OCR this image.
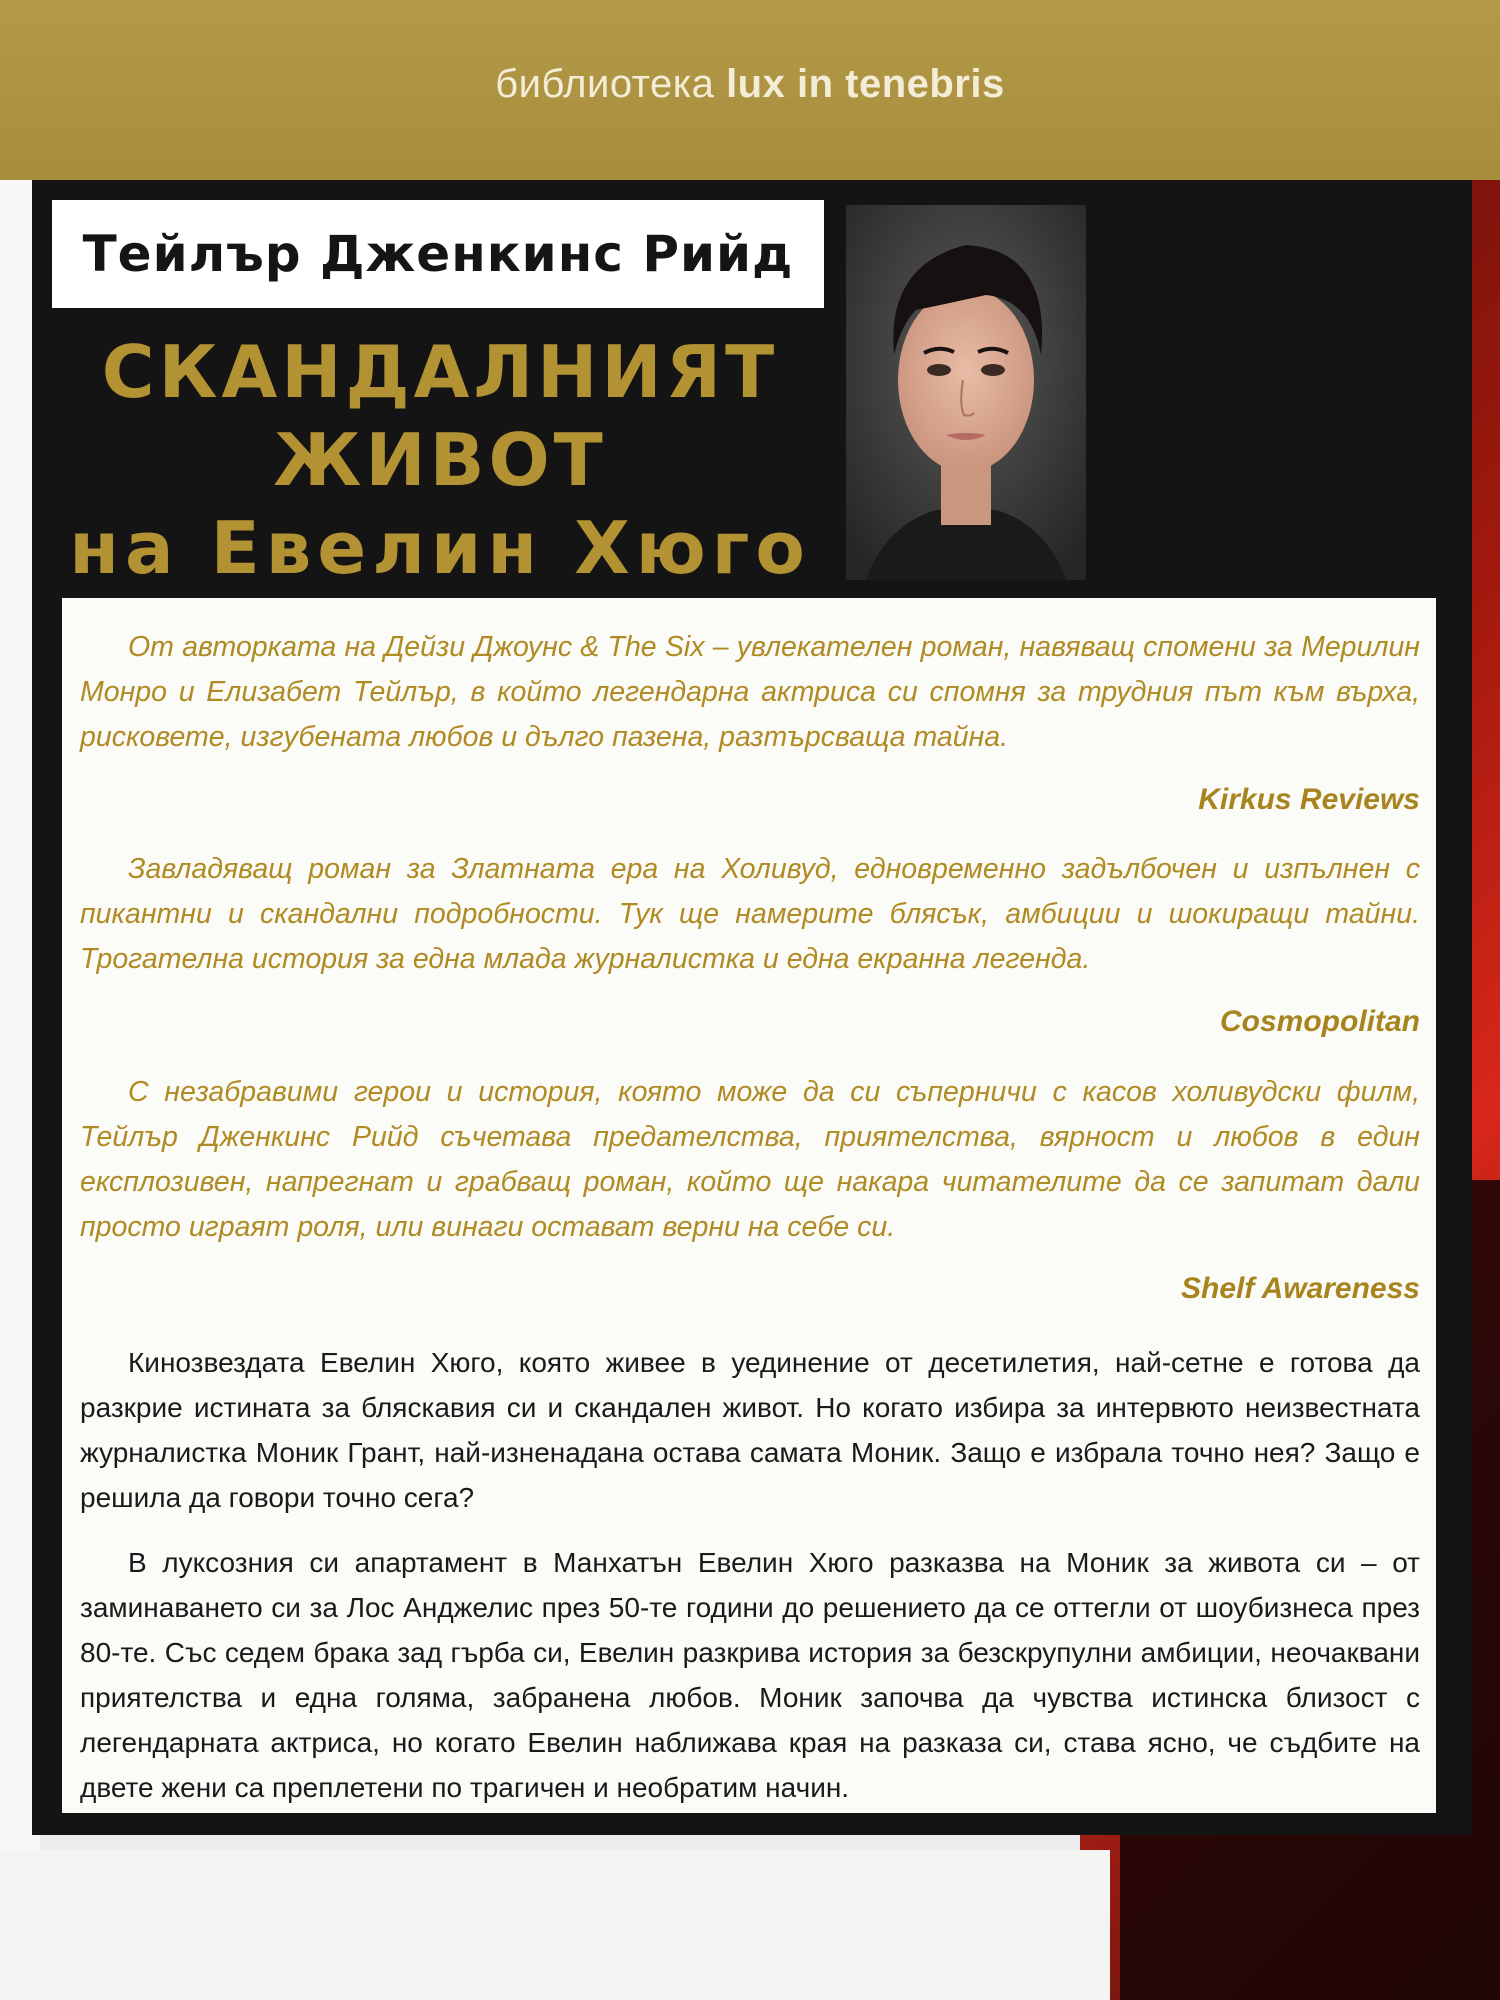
библиотека lux in tenebris
Тейлър Дженкинс Рийд
СКАНДАЛНИЯТ
ЖИВОТ
на Евелин Хюго
От авторката на Дейзи Джоунс & The Six – увлекателен роман, навяващ спомени за Мерилин Монро и Елизабет Тейлър, в който легендарна актриса си спомня за трудния път към върха, рисковете, изгубената любов и дълго пазена, разтърсваща тайна.
Kirkus Reviews
Завладяващ роман за Златната ера на Холивуд, едновременно задълбочен и изпълнен с пикантни и скандални подробности. Тук ще намерите блясък, амбиции и шокиращи тайни. Трогателна история за една млада журналистка и една екранна легенда.
Cosmopolitan
С незабравими герои и история, която може да си съперничи с касов холивудски филм, Тейлър Дженкинс Рийд съчетава предателства, приятелства, вярност и любов в един експлозивен, напрегнат и грабващ роман, който ще накара читателите да се запитат дали просто играят роля, или винаги остават верни на себе си.
Shelf Awareness
Кинозвездата Евелин Хюго, която живее в уединение от десетилетия, най-сетне е готова да разкрие истината за бляскавия си и скандален живот. Но когато избира за интервюто неизвестната журналистка Моник Грант, най-изненадана остава самата Моник. Защо е избрала точно нея? Защо е решила да говори точно сега?
В луксозния си апартамент в Манхатън Евелин Хюго разказва на Моник за живота си – от заминаването си за Лос Анджелис през 50-те години до решението да се оттегли от шоубизнеса през 80-те. Със седем брака зад гърба си, Евелин разкрива история за безскрупулни амбиции, неочаквани приятелства и една голяма, забранена любов. Моник започва да чувства истинска близост с легендарната актриса, но когато Евелин наближава края на разказа си, става ясно, че съдбите на двете жени са преплетени по трагичен и необратим начин.
